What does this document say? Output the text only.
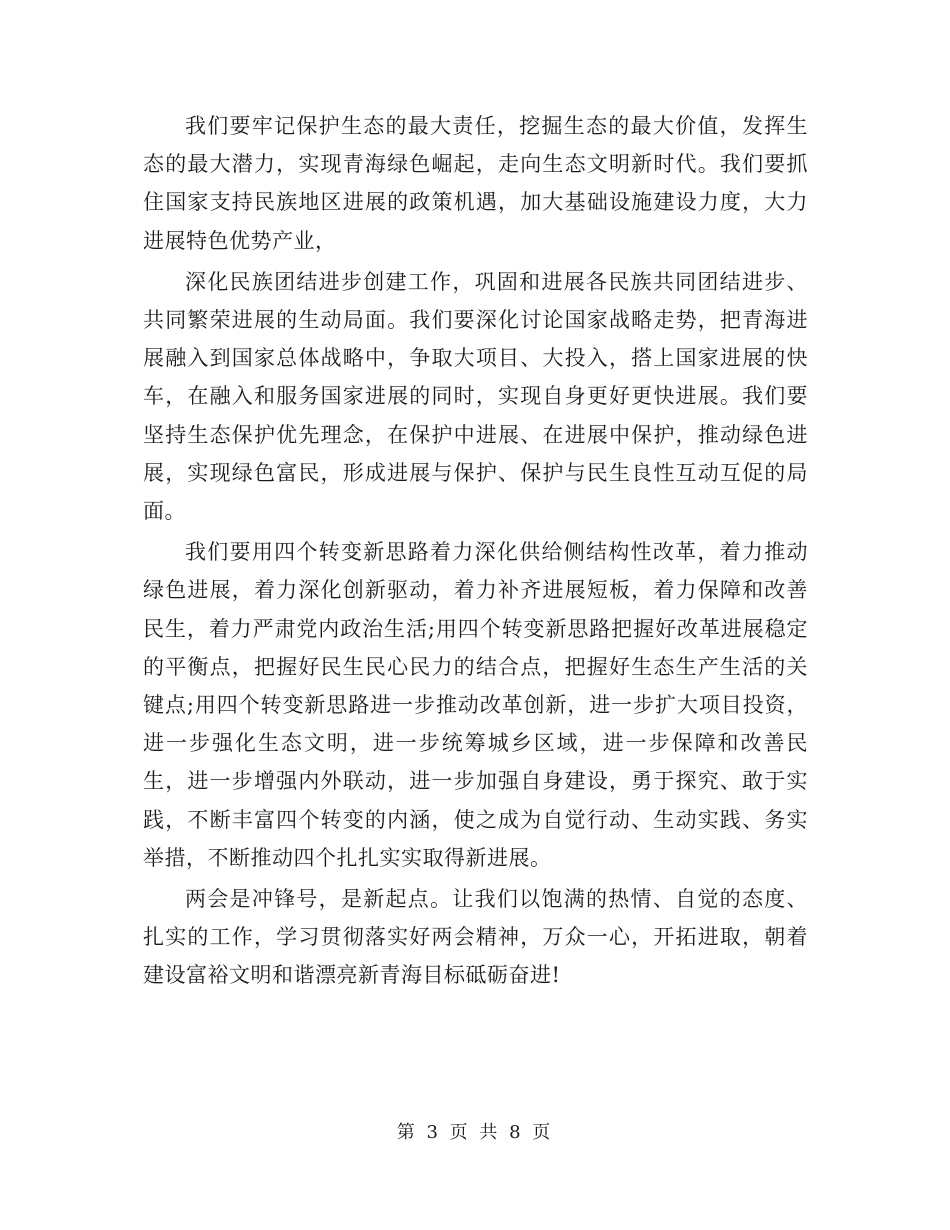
我们要牢记保护生态的最大责任，挖掘生态的最大价值，发挥生态的最大潜力，实现青海绿色崛起，走向生态文明新时代。我们要抓住国家支持民族地区进展的政策机遇，加大基础设施建设力度，大力进展特色优势产业，

深化民族团结进步创建工作，巩固和进展各民族共同团结进步、共同繁荣进展的生动局面。我们要深化讨论国家战略走势，把青海进展融入到国家总体战略中，争取大项目、大投入，搭上国家进展的快车，在融入和服务国家进展的同时，实现自身更好更快进展。我们要坚持生态保护优先理念，在保护中进展、在进展中保护，推动绿色进展，实现绿色富民，形成进展与保护、保护与民生良性互动互促的局面。

我们要用四个转变新思路着力深化供给侧结构性改革，着力推动绿色进展，着力深化创新驱动，着力补齐进展短板，着力保障和改善民生，着力严肃党内政治生活;用四个转变新思路把握好改革进展稳定的平衡点，把握好民生民心民力的结合点，把握好生态生产生活的关键点;用四个转变新思路进一步推动改革创新，进一步扩大项目投资，进一步强化生态文明，进一步统筹城乡区域，进一步保障和改善民生，进一步增强内外联动，进一步加强自身建设，勇于探究、敢于实践，不断丰富四个转变的内涵，使之成为自觉行动、生动实践、务实举措，不断推动四个扎扎实实取得新进展。

两会是冲锋号，是新起点。让我们以饱满的热情、自觉的态度、扎实的工作，学习贯彻落实好两会精神，万众一心，开拓进取，朝着建设富裕文明和谐漂亮新青海目标砥砺奋进!

第 3 页 共 8 页
